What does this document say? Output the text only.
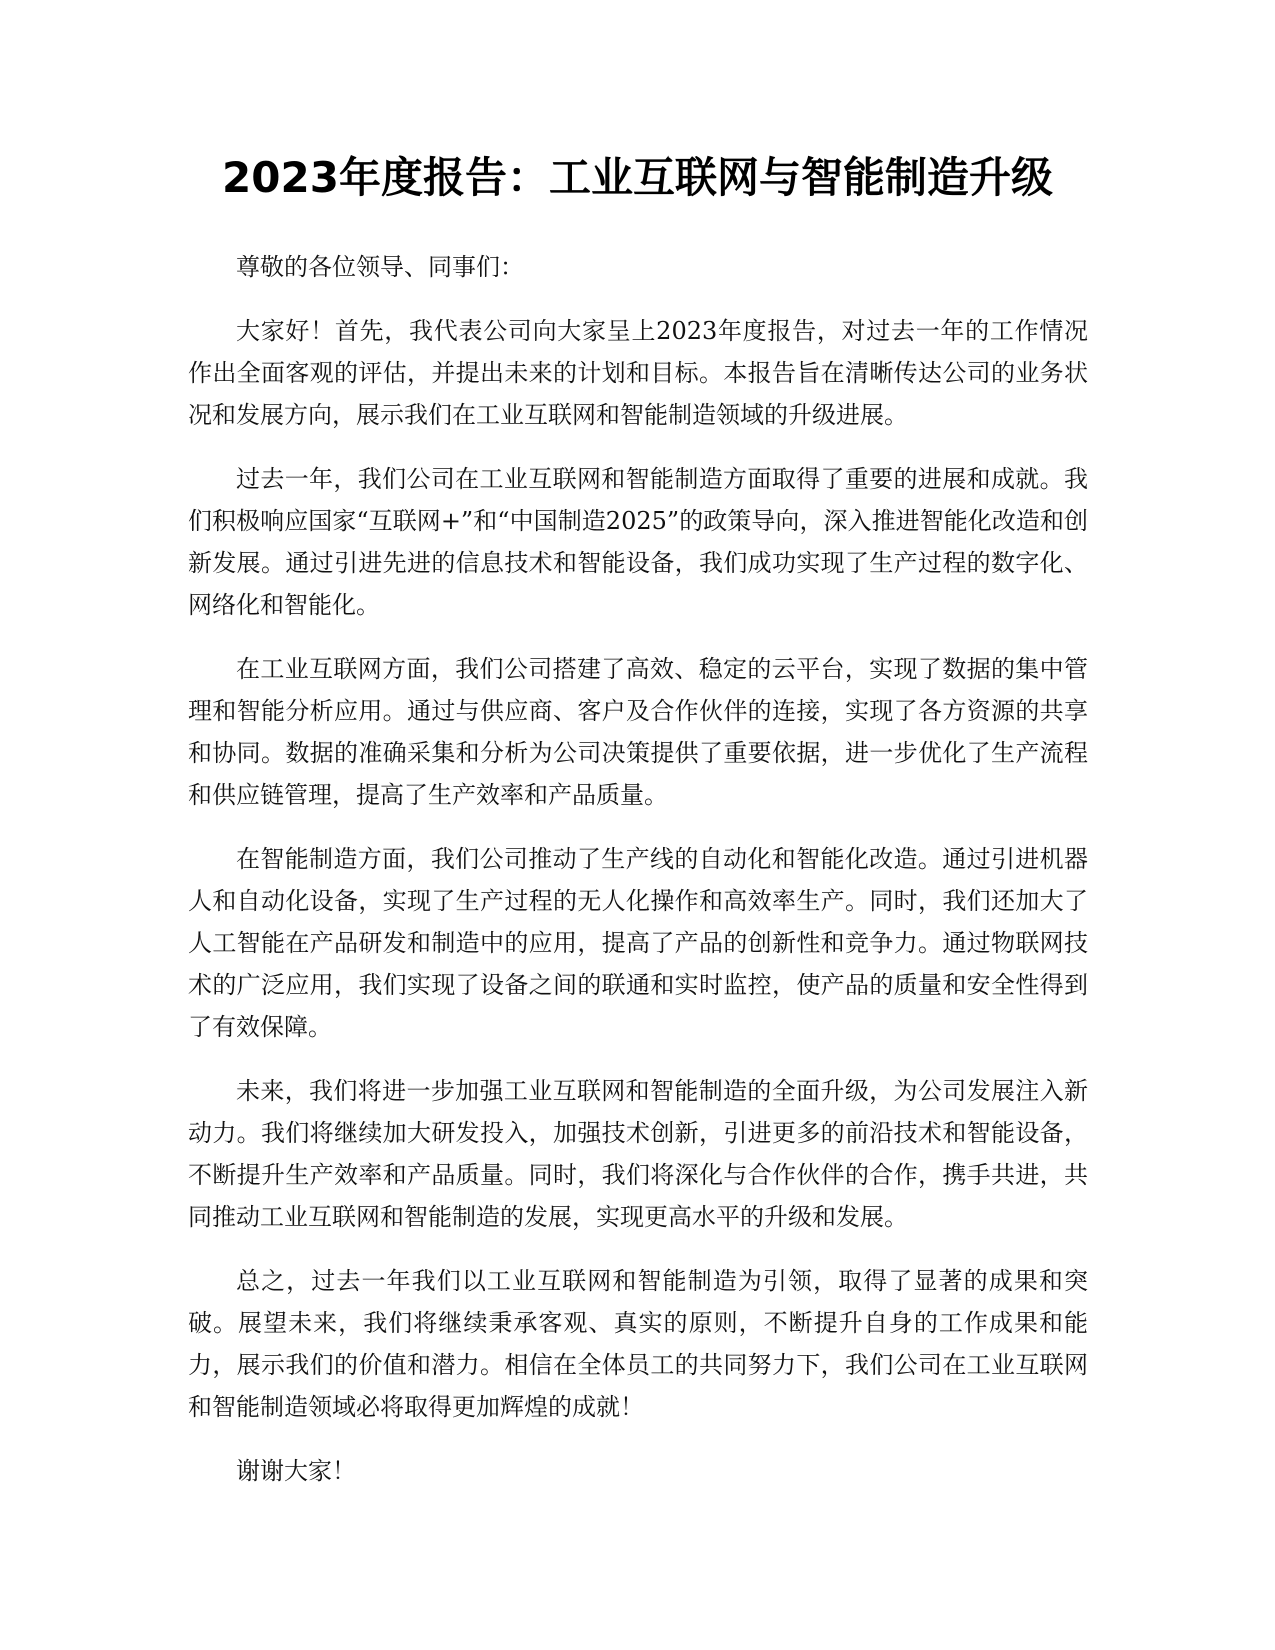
2023年度报告：工业互联网与智能制造升级

尊敬的各位领导、同事们：

大家好！首先，我代表公司向大家呈上2023年度报告，对过去一年的工作情况作出全面客观的评估，并提出未来的计划和目标。本报告旨在清晰传达公司的业务状况和发展方向，展示我们在工业互联网和智能制造领域的升级进展。

过去一年，我们公司在工业互联网和智能制造方面取得了重要的进展和成就。我们积极响应国家“互联网+”和“中国制造2025”的政策导向，深入推进智能化改造和创新发展。通过引进先进的信息技术和智能设备，我们成功实现了生产过程的数字化、网络化和智能化。

在工业互联网方面，我们公司搭建了高效、稳定的云平台，实现了数据的集中管理和智能分析应用。通过与供应商、客户及合作伙伴的连接，实现了各方资源的共享和协同。数据的准确采集和分析为公司决策提供了重要依据，进一步优化了生产流程和供应链管理，提高了生产效率和产品质量。

在智能制造方面，我们公司推动了生产线的自动化和智能化改造。通过引进机器人和自动化设备，实现了生产过程的无人化操作和高效率生产。同时，我们还加大了人工智能在产品研发和制造中的应用，提高了产品的创新性和竞争力。通过物联网技术的广泛应用，我们实现了设备之间的联通和实时监控，使产品的质量和安全性得到了有效保障。

未来，我们将进一步加强工业互联网和智能制造的全面升级，为公司发展注入新动力。我们将继续加大研发投入，加强技术创新，引进更多的前沿技术和智能设备，不断提升生产效率和产品质量。同时，我们将深化与合作伙伴的合作，携手共进，共同推动工业互联网和智能制造的发展，实现更高水平的升级和发展。

总之，过去一年我们以工业互联网和智能制造为引领，取得了显著的成果和突破。展望未来，我们将继续秉承客观、真实的原则，不断提升自身的工作成果和能力，展示我们的价值和潜力。相信在全体员工的共同努力下，我们公司在工业互联网和智能制造领域必将取得更加辉煌的成就！

谢谢大家！
